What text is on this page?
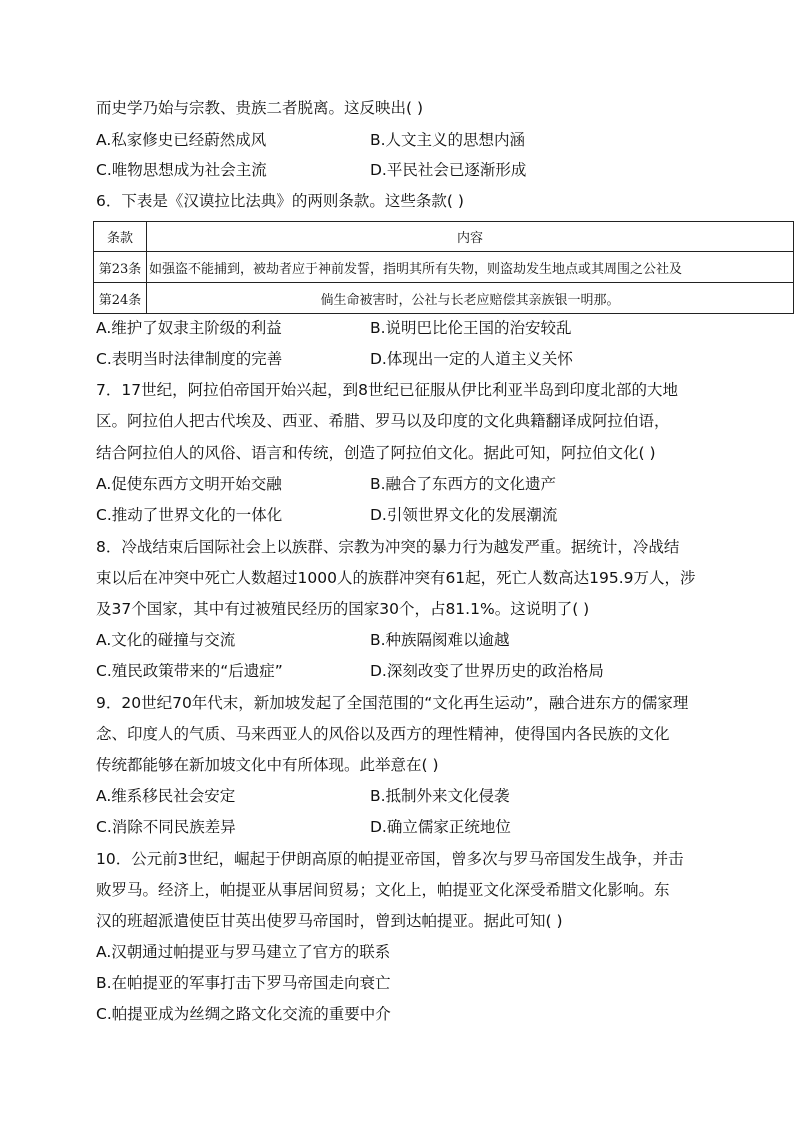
而史学乃始与宗教、贵族二者脱离。这反映出( )
A.私家修史已经蔚然成风	B.人文主义的思想内涵
C.唯物思想成为社会主流	D.平民社会已逐渐形成
6．下表是《汉谟拉比法典》的两则条款。这些条款( )
条款	内容
第23条	如强盗不能捕到，被劫者应于神前发誓，指明其所有失物，则盗劫发生地点或其周围之公社及
第24条	倘生命被害时，公社与长老应赔偿其亲族银一明那。
A.维护了奴隶主阶级的利益	B.说明巴比伦王国的治安较乱
C.表明当时法律制度的完善	D.体现出一定的人道主义关怀
7．17世纪，阿拉伯帝国开始兴起，到8世纪已征服从伊比利亚半岛到印度北部的大地
区。阿拉伯人把古代埃及、西亚、希腊、罗马以及印度的文化典籍翻译成阿拉伯语，
结合阿拉伯人的风俗、语言和传统，创造了阿拉伯文化。据此可知，阿拉伯文化( )
A.促使东西方文明开始交融	B.融合了东西方的文化遗产
C.推动了世界文化的一体化	D.引领世界文化的发展潮流
8．冷战结束后国际社会上以族群、宗教为冲突的暴力行为越发严重。据统计，冷战结
束以后在冲突中死亡人数超过1000人的族群冲突有61起，死亡人数高达195.9万人，涉
及37个国家，其中有过被殖民经历的国家30个，占81.1%。这说明了( )
A.文化的碰撞与交流	B.种族隔阂难以逾越
C.殖民政策带来的“后遗症”	D.深刻改变了世界历史的政治格局
9．20世纪70年代末，新加坡发起了全国范围的“文化再生运动”，融合进东方的儒家理
念、印度人的气质、马来西亚人的风俗以及西方的理性精神，使得国内各民族的文化
传统都能够在新加坡文化中有所体现。此举意在( )
A.维系移民社会安定	B.抵制外来文化侵袭
C.消除不同民族差异	D.确立儒家正统地位
10．公元前3世纪，崛起于伊朗高原的帕提亚帝国，曾多次与罗马帝国发生战争，并击
败罗马。经济上，帕提亚从事居间贸易；文化上，帕提亚文化深受希腊文化影响。东
汉的班超派遣使臣甘英出使罗马帝国时，曾到达帕提亚。据此可知( )
A.汉朝通过帕提亚与罗马建立了官方的联系
B.在帕提亚的军事打击下罗马帝国走向衰亡
C.帕提亚成为丝绸之路文化交流的重要中介
